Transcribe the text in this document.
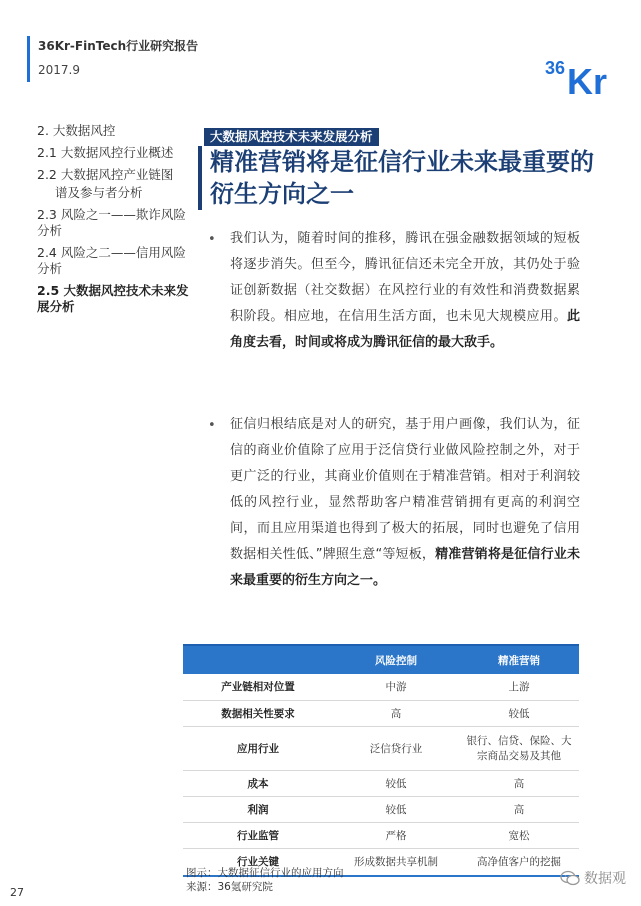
36Kr-FinTech行业研究报告
2017.9	36 Kr
2. 大数据风控
2.1 大数据风控行业概述
2.2 大数据风控产业链图
谱及参与者分析
2.3 风险之一——欺诈风险分析
2.4 风险之二——信用风险分析
2.5 大数据风控技术未来发展分析
大数据风控技术未来发展分析
精准营销将是征信行业未来最重要的衍生方向之一
• 我们认为，随着时间的推移，腾讯在强金融数据领域的短板将逐步消失。但至今，腾讯征信还未完全开放，其仍处于验证创新数据（社交数据）在风控行业的有效性和消费数据累积阶段。相应地，在信用生活方面，也未见大规模应用。此角度去看，时间或将成为腾讯征信的最大敌手。
• 征信归根结底是对人的研究，基于用户画像，我们认为，征信的商业价值除了应用于泛信贷行业做风险控制之外，对于更广泛的行业，其商业价值则在于精准营销。相对于利润较低的风控行业，显然帮助客户精准营销拥有更高的利润空间，而且应用渠道也得到了极大的拓展，同时也避免了信用数据相关性低、”牌照生意“等短板，精准营销将是征信行业未来最重要的衍生方向之一。
	风险控制	精准营销
产业链相对位置	中游	上游
数据相关性要求	高	较低
应用行业	泛信贷行业	银行、信贷、保险、大宗商品交易及其他
成本	较低	高
利润	较低	高
行业监管	严格	宽松
行业关键	形成数据共享机制	高净值客户的挖掘
图示：大数据征信行业的应用方向
来源：36氪研究院
27
数据观
